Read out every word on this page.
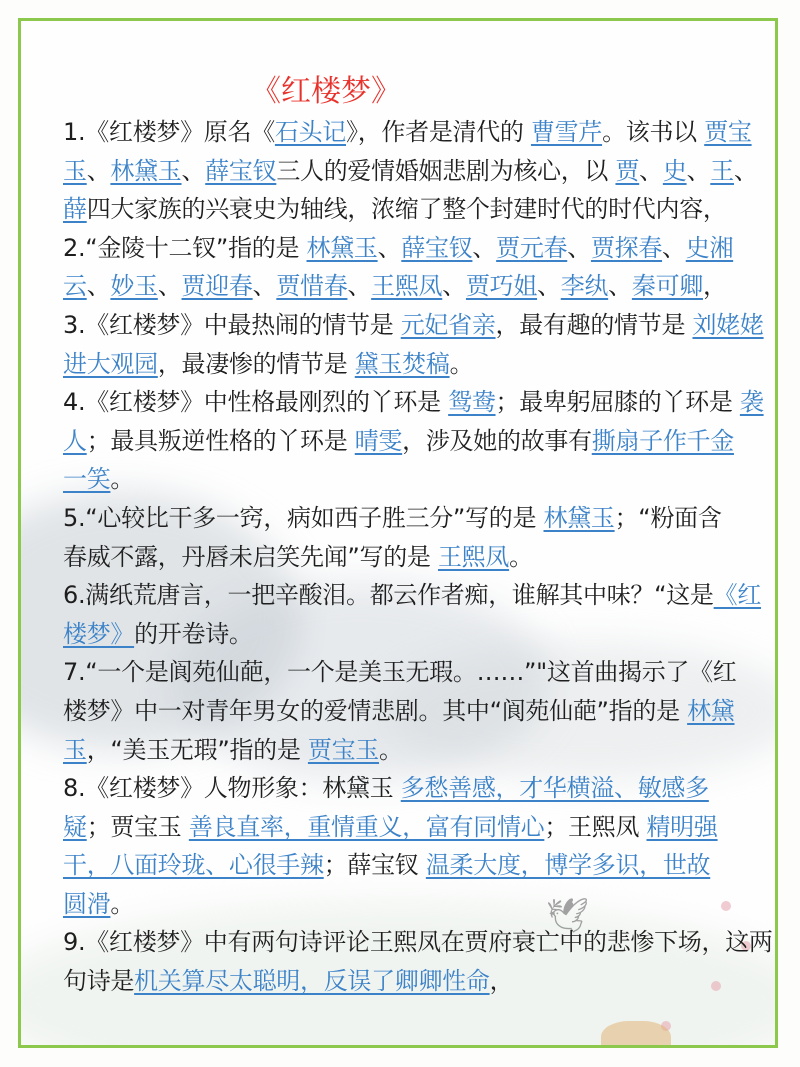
🕊
《红楼梦》
1.《红楼梦》原名《石头记》，作者是清代的 曹雪芹。该书以 贾宝
玉、林黛玉、薛宝钗三人的爱情婚姻悲剧为核心，以 贾、史、王、
薛四大家族的兴衰史为轴线，浓缩了整个封建时代的时代内容，
2.“金陵十二钗”指的是 林黛玉、薛宝钗、贾元春、贾探春、史湘
云、妙玉、贾迎春、贾惜春、王熙凤、贾巧姐、李纨、秦可卿，
3.《红楼梦》中最热闹的情节是 元妃省亲，最有趣的情节是 刘姥姥
进大观园，最凄惨的情节是 黛玉焚稿。
4.《红楼梦》中性格最刚烈的丫环是 鸳鸯；最卑躬屈膝的丫环是 袭
人；最具叛逆性格的丫环是 晴雯，涉及她的故事有撕扇子作千金
一笑。
5.“心较比干多一窍，病如西子胜三分”写的是 林黛玉；“粉面含
春威不露，丹唇未启笑先闻”写的是 王熙凤。
6.满纸荒唐言，一把辛酸泪。都云作者痴，谁解其中味？“这是《红
楼梦》的开卷诗。
7.“一个是阆苑仙葩，一个是美玉无瑕。……”"这首曲揭示了《红
楼梦》中一对青年男女的爱情悲剧。其中“阆苑仙葩”指的是 林黛
玉，“美玉无瑕”指的是 贾宝玉。
8.《红楼梦》人物形象：林黛玉 多愁善感，才华横溢、敏感多
疑；贾宝玉 善良直率，重情重义，富有同情心；王熙凤 精明强
干，八面玲珑、心很手辣；薛宝钗 温柔大度，博学多识，世故
圆滑。
9.《红楼梦》中有两句诗评论王熙凤在贾府衰亡中的悲惨下场，这两
句诗是机关算尽太聪明，反误了卿卿性命，
